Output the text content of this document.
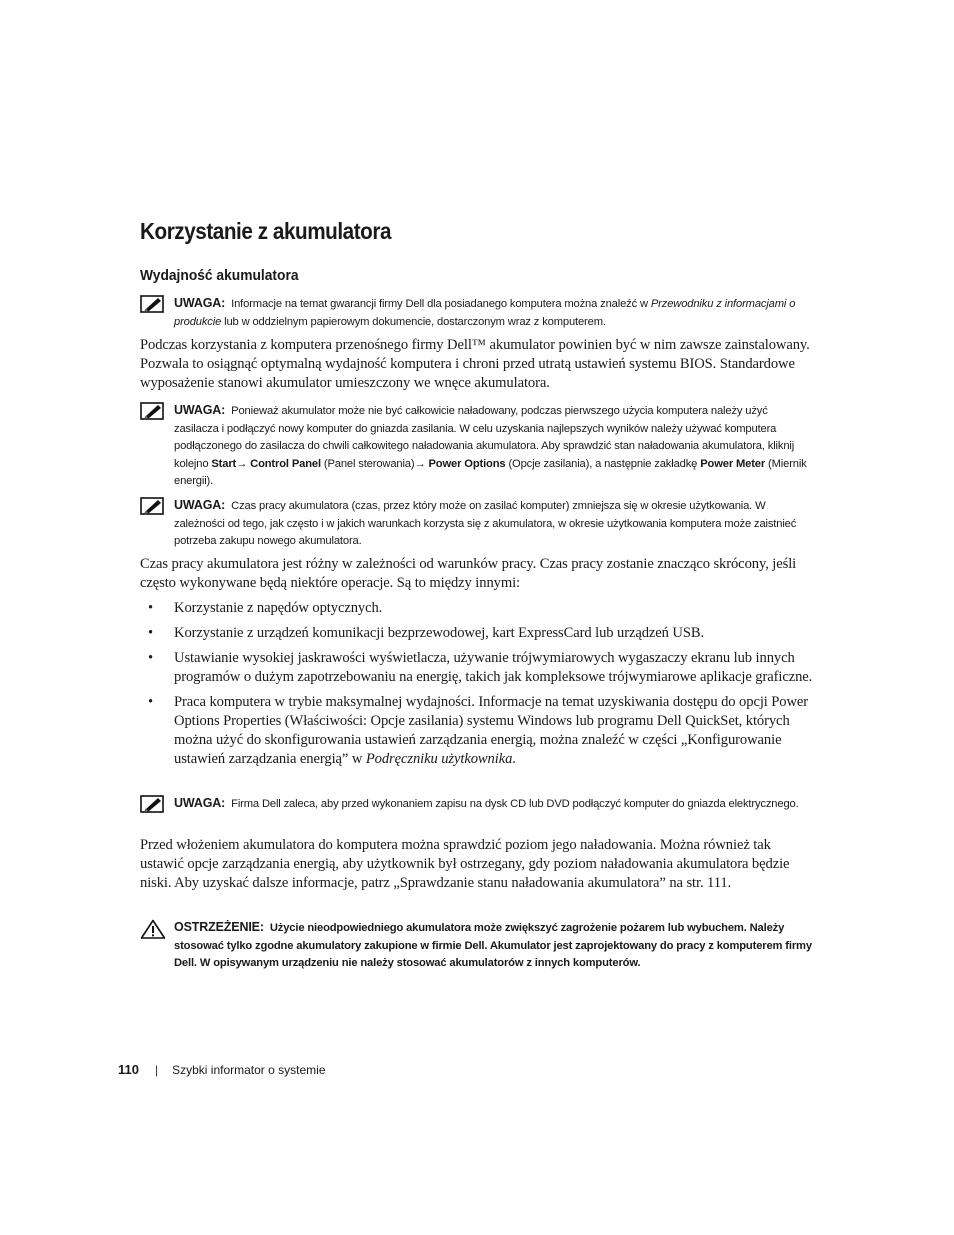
Korzystanie z akumulatora
Wydajność akumulatora
UWAGA: Informacje na temat gwarancji firmy Dell dla posiadanego komputera można znaleźć w Przewodniku z informacjami o produkcie lub w oddzielnym papierowym dokumencie, dostarczonym wraz z komputerem.

Podczas korzystania z komputera przenośnego firmy Dell™ akumulator powinien być w nim zawsze zainstalowany. Pozwala to osiągnąć optymalną wydajność komputera i chroni przed utratą ustawień systemu BIOS. Standardowe wyposażenie stanowi akumulator umieszczony we wnęce akumulatora.

UWAGA: Ponieważ akumulator może nie być całkowicie naładowany, podczas pierwszego użycia komputera należy użyć zasilacza i podłączyć nowy komputer do gniazda zasilania. W celu uzyskania najlepszych wyników należy używać komputera podłączonego do zasilacza do chwili całkowitego naładowania akumulatora. Aby sprawdzić stan naładowania akumulatora, kliknij kolejno Start→ Control Panel (Panel sterowania)→ Power Options (Opcje zasilania), a następnie zakładkę Power Meter (Miernik energii).
UWAGA: Czas pracy akumulatora (czas, przez który może on zasilać komputer) zmniejsza się w okresie użytkowania. W zależności od tego, jak często i w jakich warunkach korzysta się z akumulatora, w okresie użytkowania komputera może zaistnieć potrzeba zakupu nowego akumulatora.

Czas pracy akumulatora jest różny w zależności od warunków pracy. Czas pracy zostanie znacząco skrócony, jeśli często wykonywane będą niektóre operacje. Są to między innymi:

• Korzystanie z napędów optycznych.
• Korzystanie z urządzeń komunikacji bezprzewodowej, kart ExpressCard lub urządzeń USB.
• Ustawianie wysokiej jaskrawości wyświetlacza, używanie trójwymiarowych wygaszaczy ekranu lub innych programów o dużym zapotrzebowaniu na energię, takich jak kompleksowe trójwymiarowe aplikacje graficzne.
• Praca komputera w trybie maksymalnej wydajności. Informacje na temat uzyskiwania dostępu do opcji Power Options Properties (Właściwości: Opcje zasilania) systemu Windows lub programu Dell QuickSet, których można użyć do skonfigurowania ustawień zarządzania energią, można znaleźć w części „Konfigurowanie ustawień zarządzania energią” w Podręczniku użytkownika.
UWAGA: Firma Dell zaleca, aby przed wykonaniem zapisu na dysk CD lub DVD podłączyć komputer do gniazda elektrycznego.

Przed włożeniem akumulatora do komputera można sprawdzić poziom jego naładowania. Można również tak ustawić opcje zarządzania energią, aby użytkownik był ostrzegany, gdy poziom naładowania akumulatora będzie niski. Aby uzyskać dalsze informacje, patrz „Sprawdzanie stanu naładowania akumulatora” na str. 111.

OSTRZEŻENIE: Użycie nieodpowiedniego akumulatora może zwiększyć zagrożenie pożarem lub wybuchem. Należy stosować tylko zgodne akumulatory zakupione w firmie Dell. Akumulator jest zaprojektowany do pracy z komputerem firmy Dell. W opisywanym urządzeniu nie należy stosować akumulatorów z innych komputerów.
110 | Szybki informator o systemie
